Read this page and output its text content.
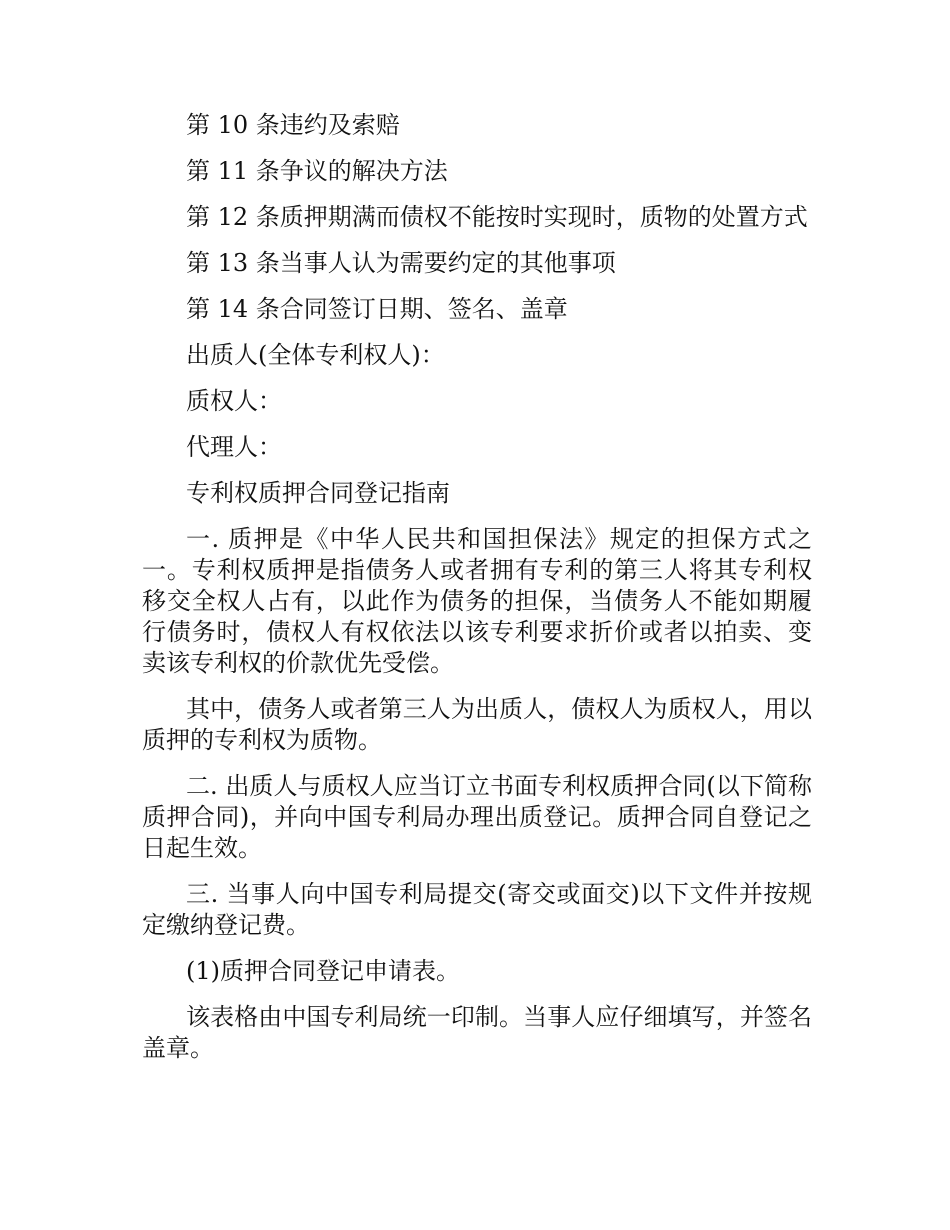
第 10 条违约及索赔

第 11 条争议的解决方法

第 12 条质押期满而债权不能按时实现时，质物的处置方式

第 13 条当事人认为需要约定的其他事项

第 14 条合同签订日期、签名、盖章

出质人(全体专利权人)：

质权人：

代理人：

专利权质押合同登记指南

一. 质押是《中华人民共和国担保法》规定的担保方式之一。专利权质押是指债务人或者拥有专利的第三人将其专利权移交全权人占有，以此作为债务的担保，当债务人不能如期履行债务时，债权人有权依法以该专利要求折价或者以拍卖、变卖该专利权的价款优先受偿。

其中，债务人或者第三人为出质人，债权人为质权人，用以质押的专利权为质物。

二. 出质人与质权人应当订立书面专利权质押合同(以下简称质押合同)，并向中国专利局办理出质登记。质押合同自登记之日起生效。

三. 当事人向中国专利局提交(寄交或面交)以下文件并按规定缴纳登记费。

(1)质押合同登记申请表。

该表格由中国专利局统一印制。当事人应仔细填写，并签名盖章。
